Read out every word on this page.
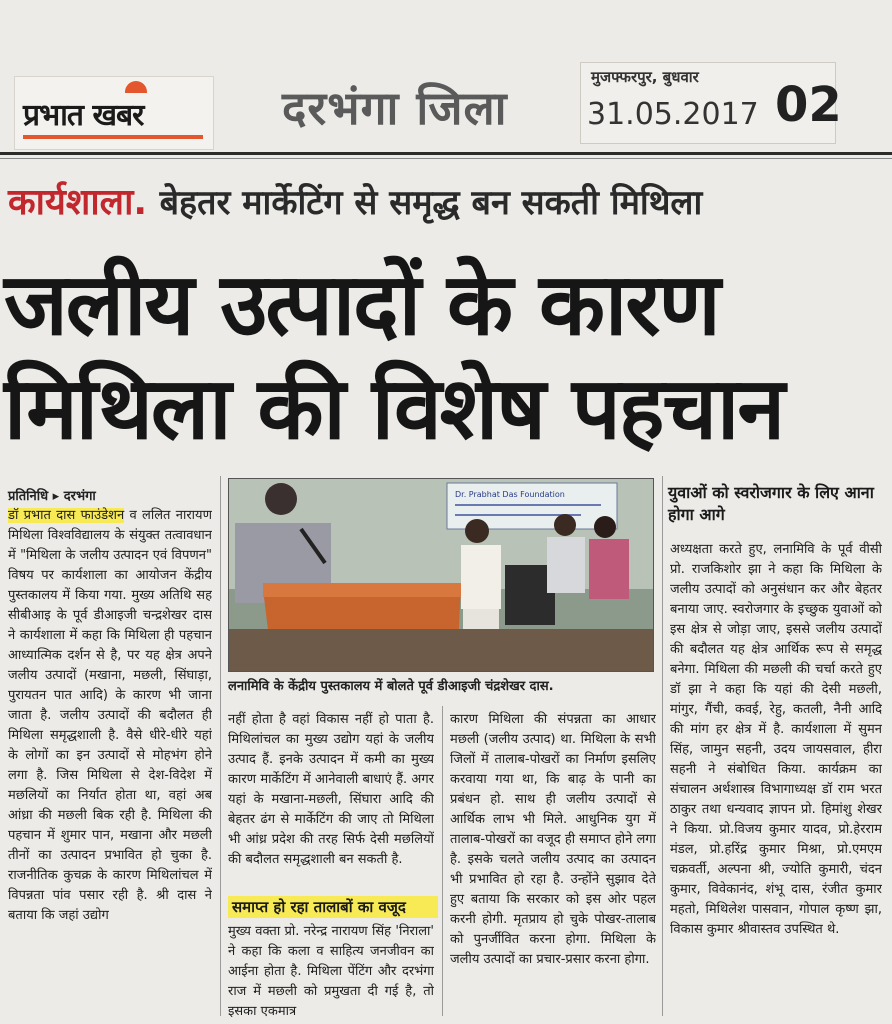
प्रभात खबर	दरभंगा जिला
मुजफ्फरपुर, बुधवार
31.05.2017 02
कार्यशाला. बेहतर मार्केटिंग से समृद्ध बन सकती मिथिला
जलीय उत्पादों के कारण
मिथिला की विशेष पहचान
प्रतिनिधि ▸ दरभंगा	Dr. Prabhat Das Foundation
लनामिवि के केंद्रीय पुस्तकालय में बोलते पूर्व डीआइजी चंद्रशेखर दास.

डॉ प्रभात दास फाउंडेशन व ललित नारायण मिथिला विश्वविद्यालय के संयुक्त तत्वावधान में "मिथिला के जलीय उत्पादन एवं विपणन" विषय पर कार्यशाला का आयोजन केंद्रीय पुस्तकालय में किया गया. मुख्य अतिथि सह सीबीआइ के पूर्व डीआइजी चन्द्रशेखर दास ने कार्यशाला में कहा कि मिथिला ही पहचान आध्यात्मिक दर्शन से है, पर यह क्षेत्र अपने जलीय उत्पादों (मखाना, मछली, सिंघाड़ा, पुरायतन पात आदि) के कारण भी जाना जाता है. जलीय उत्पादों की बदौलत ही मिथिला समृद्धशाली है. वैसे धीरे-धीरे यहां के लोगों का इन उत्पादों से मोहभंग होने लगा है. जिस मिथिला से देश-विदेश में मछलियों का निर्यात होता था, वहां अब आंध्रा की मछली बिक रही है. मिथिला की पहचान में शुमार पान, मखाना और मछली तीनों का उत्पादन प्रभावित हो चुका है. राजनीतिक कुचक्र के कारण मिथिलांचल में विपन्नता पांव पसार रही है. श्री दास ने बताया कि जहां उद्योग

नहीं होता है वहां विकास नहीं हो पाता है. मिथिलांचल का मुख्य उद्योग यहां के जलीय उत्पाद हैं. इनके उत्पादन में कमी का मुख्य कारण मार्केटिंग में आनेवाली बाधाएं हैं. अगर यहां के मखाना-मछली, सिंघारा आदि की बेहतर ढंग से मार्केटिंग की जाए तो मिथिला भी आंध्र प्रदेश की तरह सिर्फ देसी मछलियों की बदौलत समृद्धशाली बन सकती है.

समाप्त हो रहा तालाबों का वजूद

मुख्य वक्ता प्रो. नरेन्द्र नारायण सिंह 'निराला' ने कहा कि कला व साहित्य जनजीवन का आईना होता है. मिथिला पेंटिंग और दरभंगा राज में मछली को प्रमुखता दी गई है, तो इसका एकमात्र

कारण मिथिला की संपन्नता का आधार मछली (जलीय उत्पाद) था. मिथिला के सभी जिलों में तालाब-पोखरों का निर्माण इसलिए करवाया गया था, कि बाढ़ के पानी का प्रबंधन हो. साथ ही जलीय उत्पादों से आर्थिक लाभ भी मिले. आधुनिक युग में तालाब-पोखरों का वजूद ही समाप्त होने लगा है. इसके चलते जलीय उत्पाद का उत्पादन भी प्रभावित हो रहा है. उन्होंने सुझाव देते हुए बताया कि सरकार को इस ओर पहल करनी होगी. मृतप्राय हो चुके पोखर-तालाब को पुनर्जीवित करना होगा. मिथिला के जलीय उत्पादों का प्रचार-प्रसार करना होगा.

युवाओं को स्वरोजगार के लिए आना होगा आगे

अध्यक्षता करते हुए, लनामिवि के पूर्व वीसी प्रो. राजकिशोर झा ने कहा कि मिथिला के जलीय उत्पादों को अनुसंधान कर और बेहतर बनाया जाए. स्वरोजगार के इच्छुक युवाओं को इस क्षेत्र से जोड़ा जाए, इससे जलीय उत्पादों की बदौलत यह क्षेत्र आर्थिक रूप से समृद्ध बनेगा. मिथिला की मछली की चर्चा करते हुए डॉ झा ने कहा कि यहां की देसी मछली, मांगुर, गैंची, कवई, रेहु, कतली, नैनी आदि की मांग हर क्षेत्र में है. कार्यशाला में सुमन सिंह, जामुन सहनी, उदय जायसवाल, हीरा सहनी ने संबोधित किया. कार्यक्रम का संचालन अर्थशास्त्र विभागाध्यक्ष डॉ राम भरत ठाकुर तथा धन्यवाद ज्ञापन प्रो. हिमांशु शेखर ने किया. प्रो.विजय कुमार यादव, प्रो.हेरराम मंडल, प्रो.हरिंद्र कुमार मिश्रा, प्रो.एमएम चक्रवर्ती, अल्पना श्री, ज्योति कुमारी, चंदन कुमार, विवेकानंद, शंभू दास, रंजीत कुमार महतो, मिथिलेश पासवान, गोपाल कृष्ण झा, विकास कुमार श्रीवास्तव उपस्थित थे.
